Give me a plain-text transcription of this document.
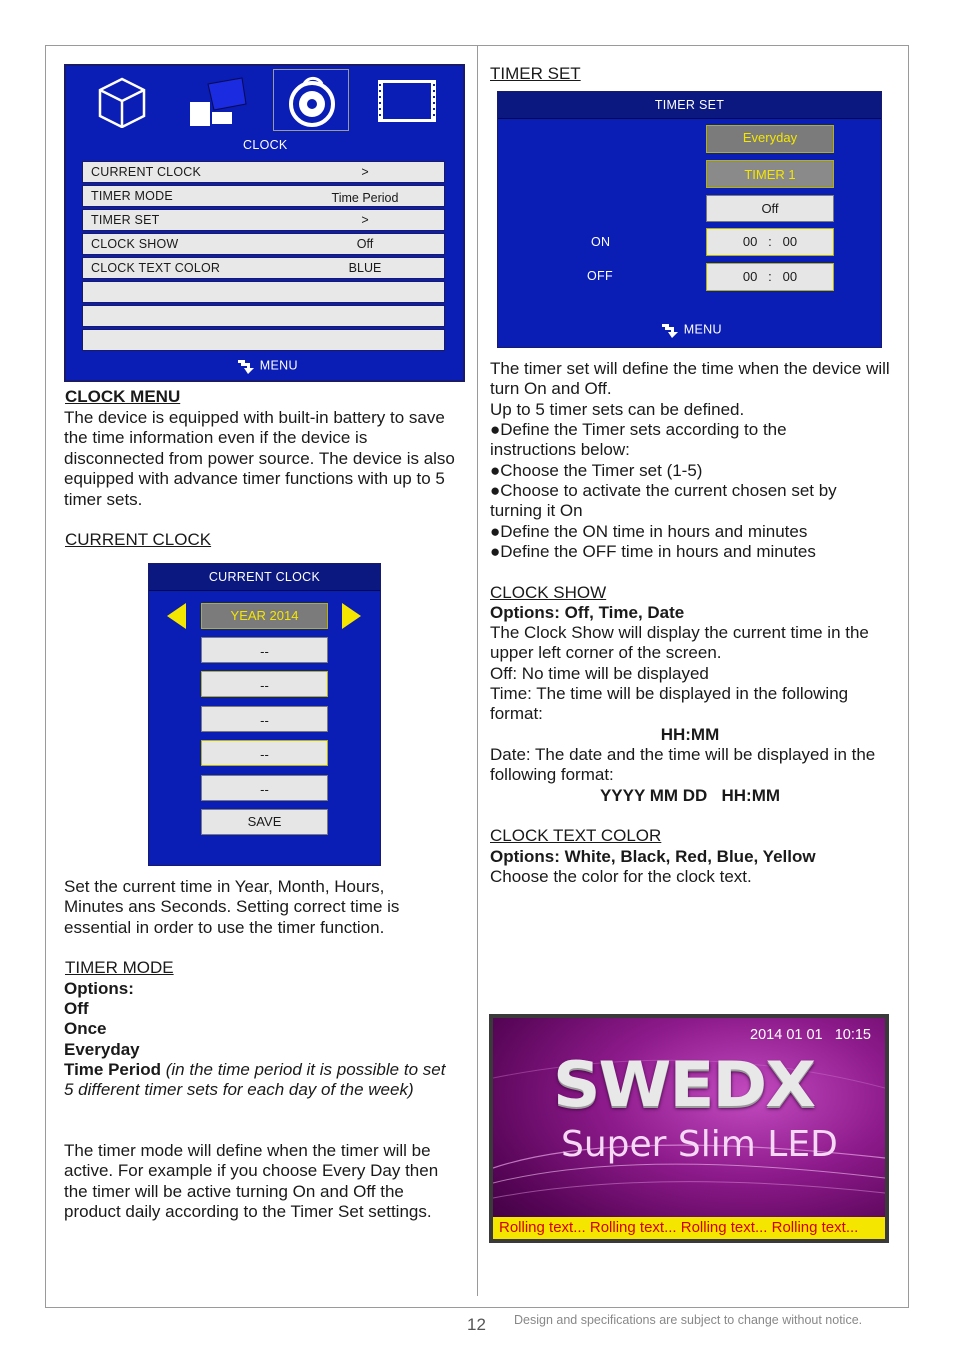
CLOCK
CURRENT CLOCK	>
TIMER MODE	Time Period
TIMER SET	>
CLOCK SHOW	Off
CLOCK TEXT COLOR	BLUE
MENU
CLOCK MENU
The device is equipped with built-in battery to save the time information even if the device is disconnected from power source. The device is also equipped with advance timer functions with up to 5 timer sets.
CURRENT CLOCK
CURRENT CLOCK
YEAR 2014
--
--
--
--
--
SAVE
Set the current time in Year, Month, Hours, Minutes ans Seconds. Setting correct time is essential in order to use the timer function.
TIMER MODE
Options:
Off
Once
Everyday
Time Period (in the time period it is possible to set 5 different timer sets for each day of the week)
The timer mode will define when the timer will be active. For example if you choose Every Day then the timer will be active turning On and Off the product daily according to the Timer Set settings.
TIMER SET
TIMER SET
Everyday
TIMER 1
Off
ON	00   :   00
OFF	00   :   00
MENU
The timer set will define the time when the device will turn On and Off.
Up to 5 timer sets can be defined.
●Define the Timer sets according to the instructions below:
●Choose the Timer set (1-5)
●Choose to activate the current chosen set by turning it On
●Define the ON time in hours and minutes
●Define the OFF time in hours and minutes
CLOCK SHOW
Options: Off, Time, Date
The Clock Show will display the current time in the upper left corner of the screen.
Off: No time will be displayed
Time: The time will be displayed in the following format:
HH:MM
Date: The date and the time will be displayed in the following format:
YYYY MM DD   HH:MM
CLOCK TEXT COLOR
Options: White, Black, Red, Blue, Yellow
Choose the color for the clock text.
2014 01 01   10:15
SWEDX
Super Slim LED
Rolling text... Rolling text... Rolling text... Rolling text...
12 Design and specifications are subject to change without notice.
